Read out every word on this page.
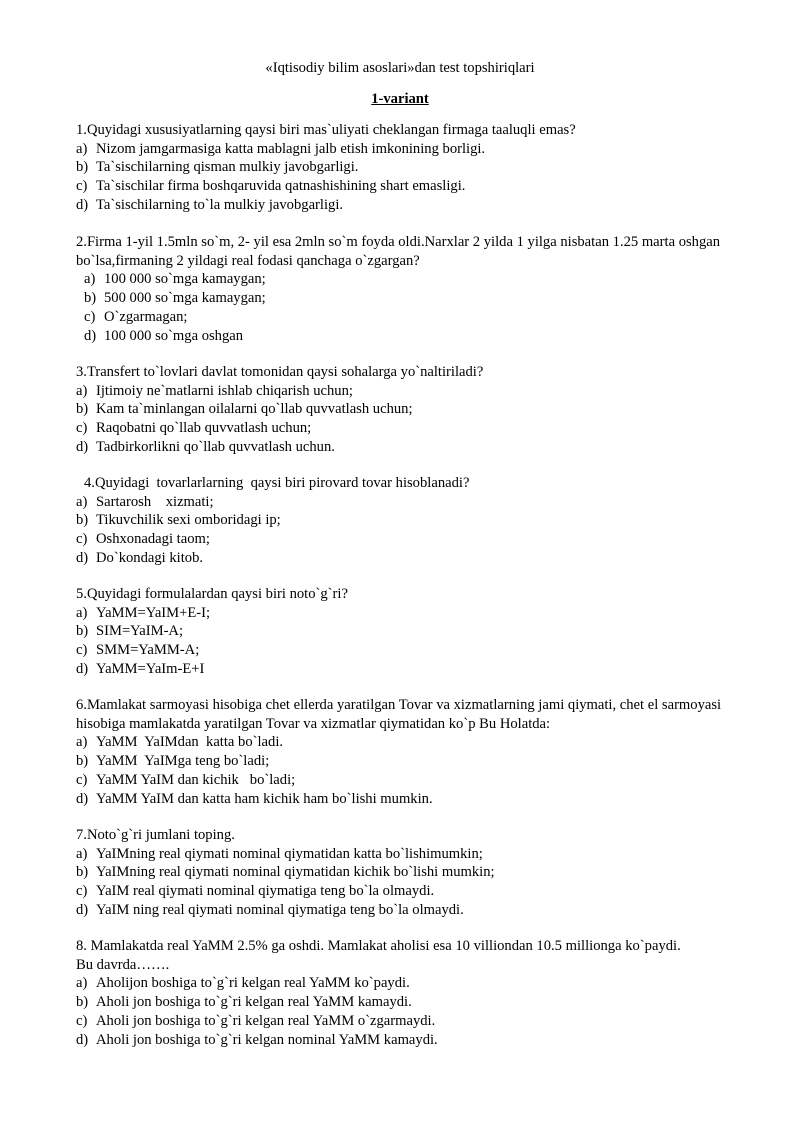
«Iqtisodiy bilim asoslari»dan test topshiriqlari
1-variant

1.Quyidagi xususiyatlarning qaysi biri mas`uliyati cheklangan firmaga taaluqli emas?

a) Nizom jamgarmasiga katta mablagni jalb etish imkonining borligi.
b) Ta`sischilarning qisman mulkiy javobgarligi.
c) Ta`sischilar firma boshqaruvida qatnashishining shart emasligi.
d) Ta`sischilarning to`la mulkiy javobgarligi.

2.Firma 1-yil 1.5mln so`m, 2- yil esa 2mln so`m foyda oldi.Narxlar 2 yilda 1 yilga nisbatan 1.25 marta oshgan bo`lsa,firmaning 2 yildagi real fodasi qanchaga o`zgargan?

a) 100 000 so`mga kamaygan;
b) 500 000 so`mga kamaygan;
c) O`zgarmagan;
d) 100 000 so`mga oshgan

3.Transfert to`lovlari davlat tomonidan qaysi sohalarga yo`naltiriladi?

a) Ijtimoiy ne`matlarni ishlab chiqarish uchun;
b) Kam ta`minlangan oilalarni qo`llab quvvatlash uchun;
c) Raqobatni qo`llab quvvatlash uchun;
d) Tadbirkorlikni qo`llab quvvatlash uchun.

4.Quyidagi  tovarlarlarning  qaysi biri pirovard tovar hisoblanadi?

a) Sartarosh    xizmati;
b) Tikuvchilik sexi omboridagi ip;
c) Oshxonadagi taom;
d) Do`kondagi kitob.

5.Quyidagi formulalardan qaysi biri noto`g`ri?

a) YaMM=YaIM+E-I;
b) SIM=YaIM-A;
c) SMM=YaMM-A;
d) YaMM=YaIm-E+I

6.Mamlakat sarmoyasi hisobiga chet ellerda yaratilgan Tovar va xizmatlarning jami qiymati, chet el sarmoyasi hisobiga mamlakatda yaratilgan Tovar va xizmatlar qiymatidan ko`p Bu Holatda:

a) YaMM  YaIMdan  katta bo`ladi.
b) YaMM  YaIMga teng bo`ladi;
c) YaMM YaIM dan kichik   bo`ladi;
d) YaMM YaIM dan katta ham kichik ham bo`lishi mumkin.

7.Noto`g`ri jumlani toping.

a) YaIMning real qiymati nominal qiymatidan katta bo`lishimumkin;
b) YaIMning real qiymati nominal qiymatidan kichik bo`lishi mumkin;
c) YaIM real qiymati nominal qiymatiga teng bo`la olmaydi.
d) YaIM ning real qiymati nominal qiymatiga teng bo`la olmaydi.

8. Mamlakatda real YaMM 2.5% ga oshdi. Mamlakat aholisi esa 10 villiondan 10.5 millionga ko`paydi. Bu davrda…….

a) Aholijon boshiga to`g`ri kelgan real YaMM ko`paydi.
b) Aholi jon boshiga to`g`ri kelgan real YaMM kamaydi.
c) Aholi jon boshiga to`g`ri kelgan real YaMM o`zgarmaydi.
d) Aholi jon boshiga to`g`ri kelgan nominal YaMM kamaydi.
